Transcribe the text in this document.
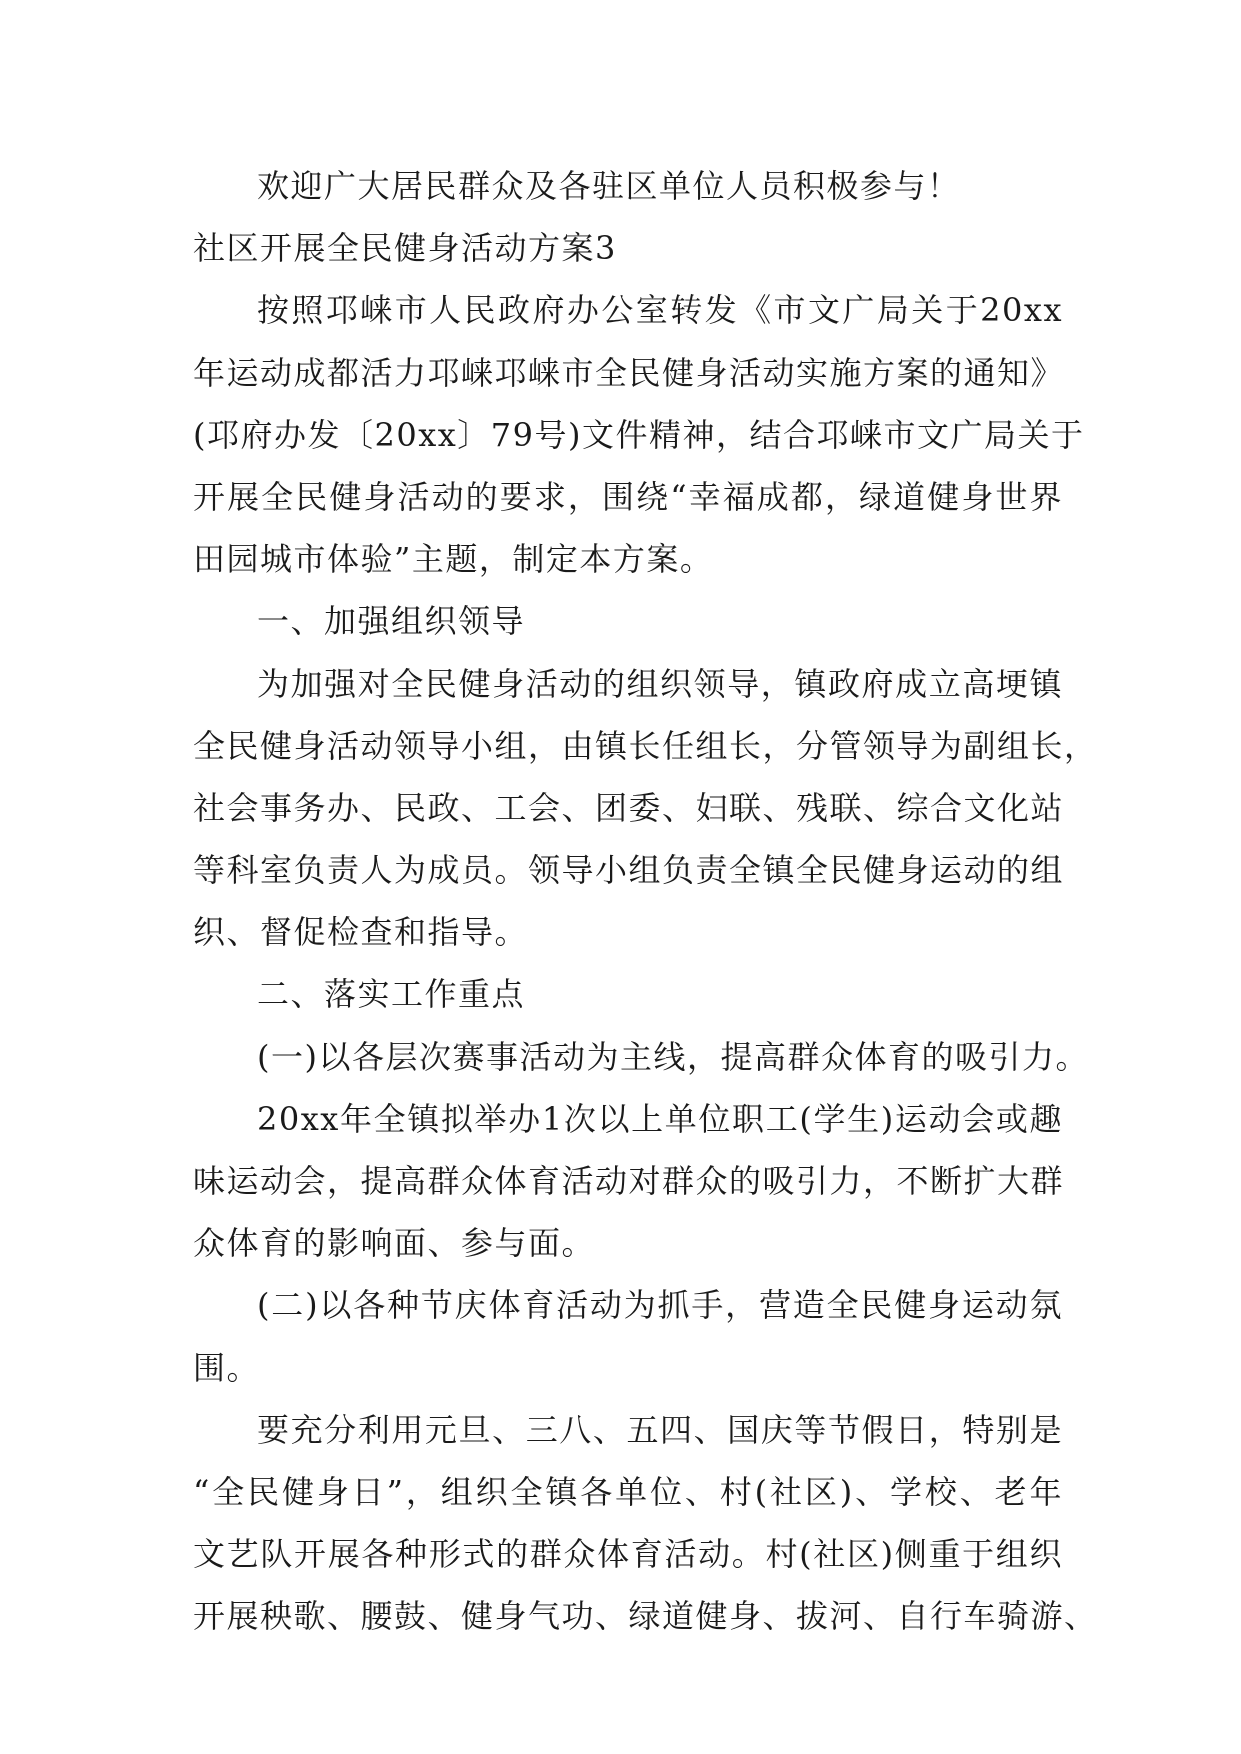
欢迎广大居民群众及各驻区单位人员积极参与！
社区开展全民健身活动方案3
按照邛崃市人民政府办公室转发《市文广局关于20xx
年运动成都活力邛崃邛崃市全民健身活动实施方案的通知》
(邛府办发〔20xx〕79号)文件精神，结合邛崃市文广局关于
开展全民健身活动的要求，围绕“幸福成都，绿道健身世界
田园城市体验”主题，制定本方案。
一、加强组织领导
为加强对全民健身活动的组织领导，镇政府成立高埂镇
全民健身活动领导小组，由镇长任组长，分管领导为副组长，
社会事务办、民政、工会、团委、妇联、残联、综合文化站
等科室负责人为成员。领导小组负责全镇全民健身运动的组
织、督促检查和指导。
二、落实工作重点
(一)以各层次赛事活动为主线，提高群众体育的吸引力。
20xx年全镇拟举办1次以上单位职工(学生)运动会或趣
味运动会，提高群众体育活动对群众的吸引力，不断扩大群
众体育的影响面、参与面。
(二)以各种节庆体育活动为抓手，营造全民健身运动氛
围。
要充分利用元旦、三八、五四、国庆等节假日，特别是
“全民健身日”，组织全镇各单位、村(社区)、学校、老年
文艺队开展各种形式的群众体育活动。村(社区)侧重于组织
开展秧歌、腰鼓、健身气功、绿道健身、拔河、自行车骑游、
